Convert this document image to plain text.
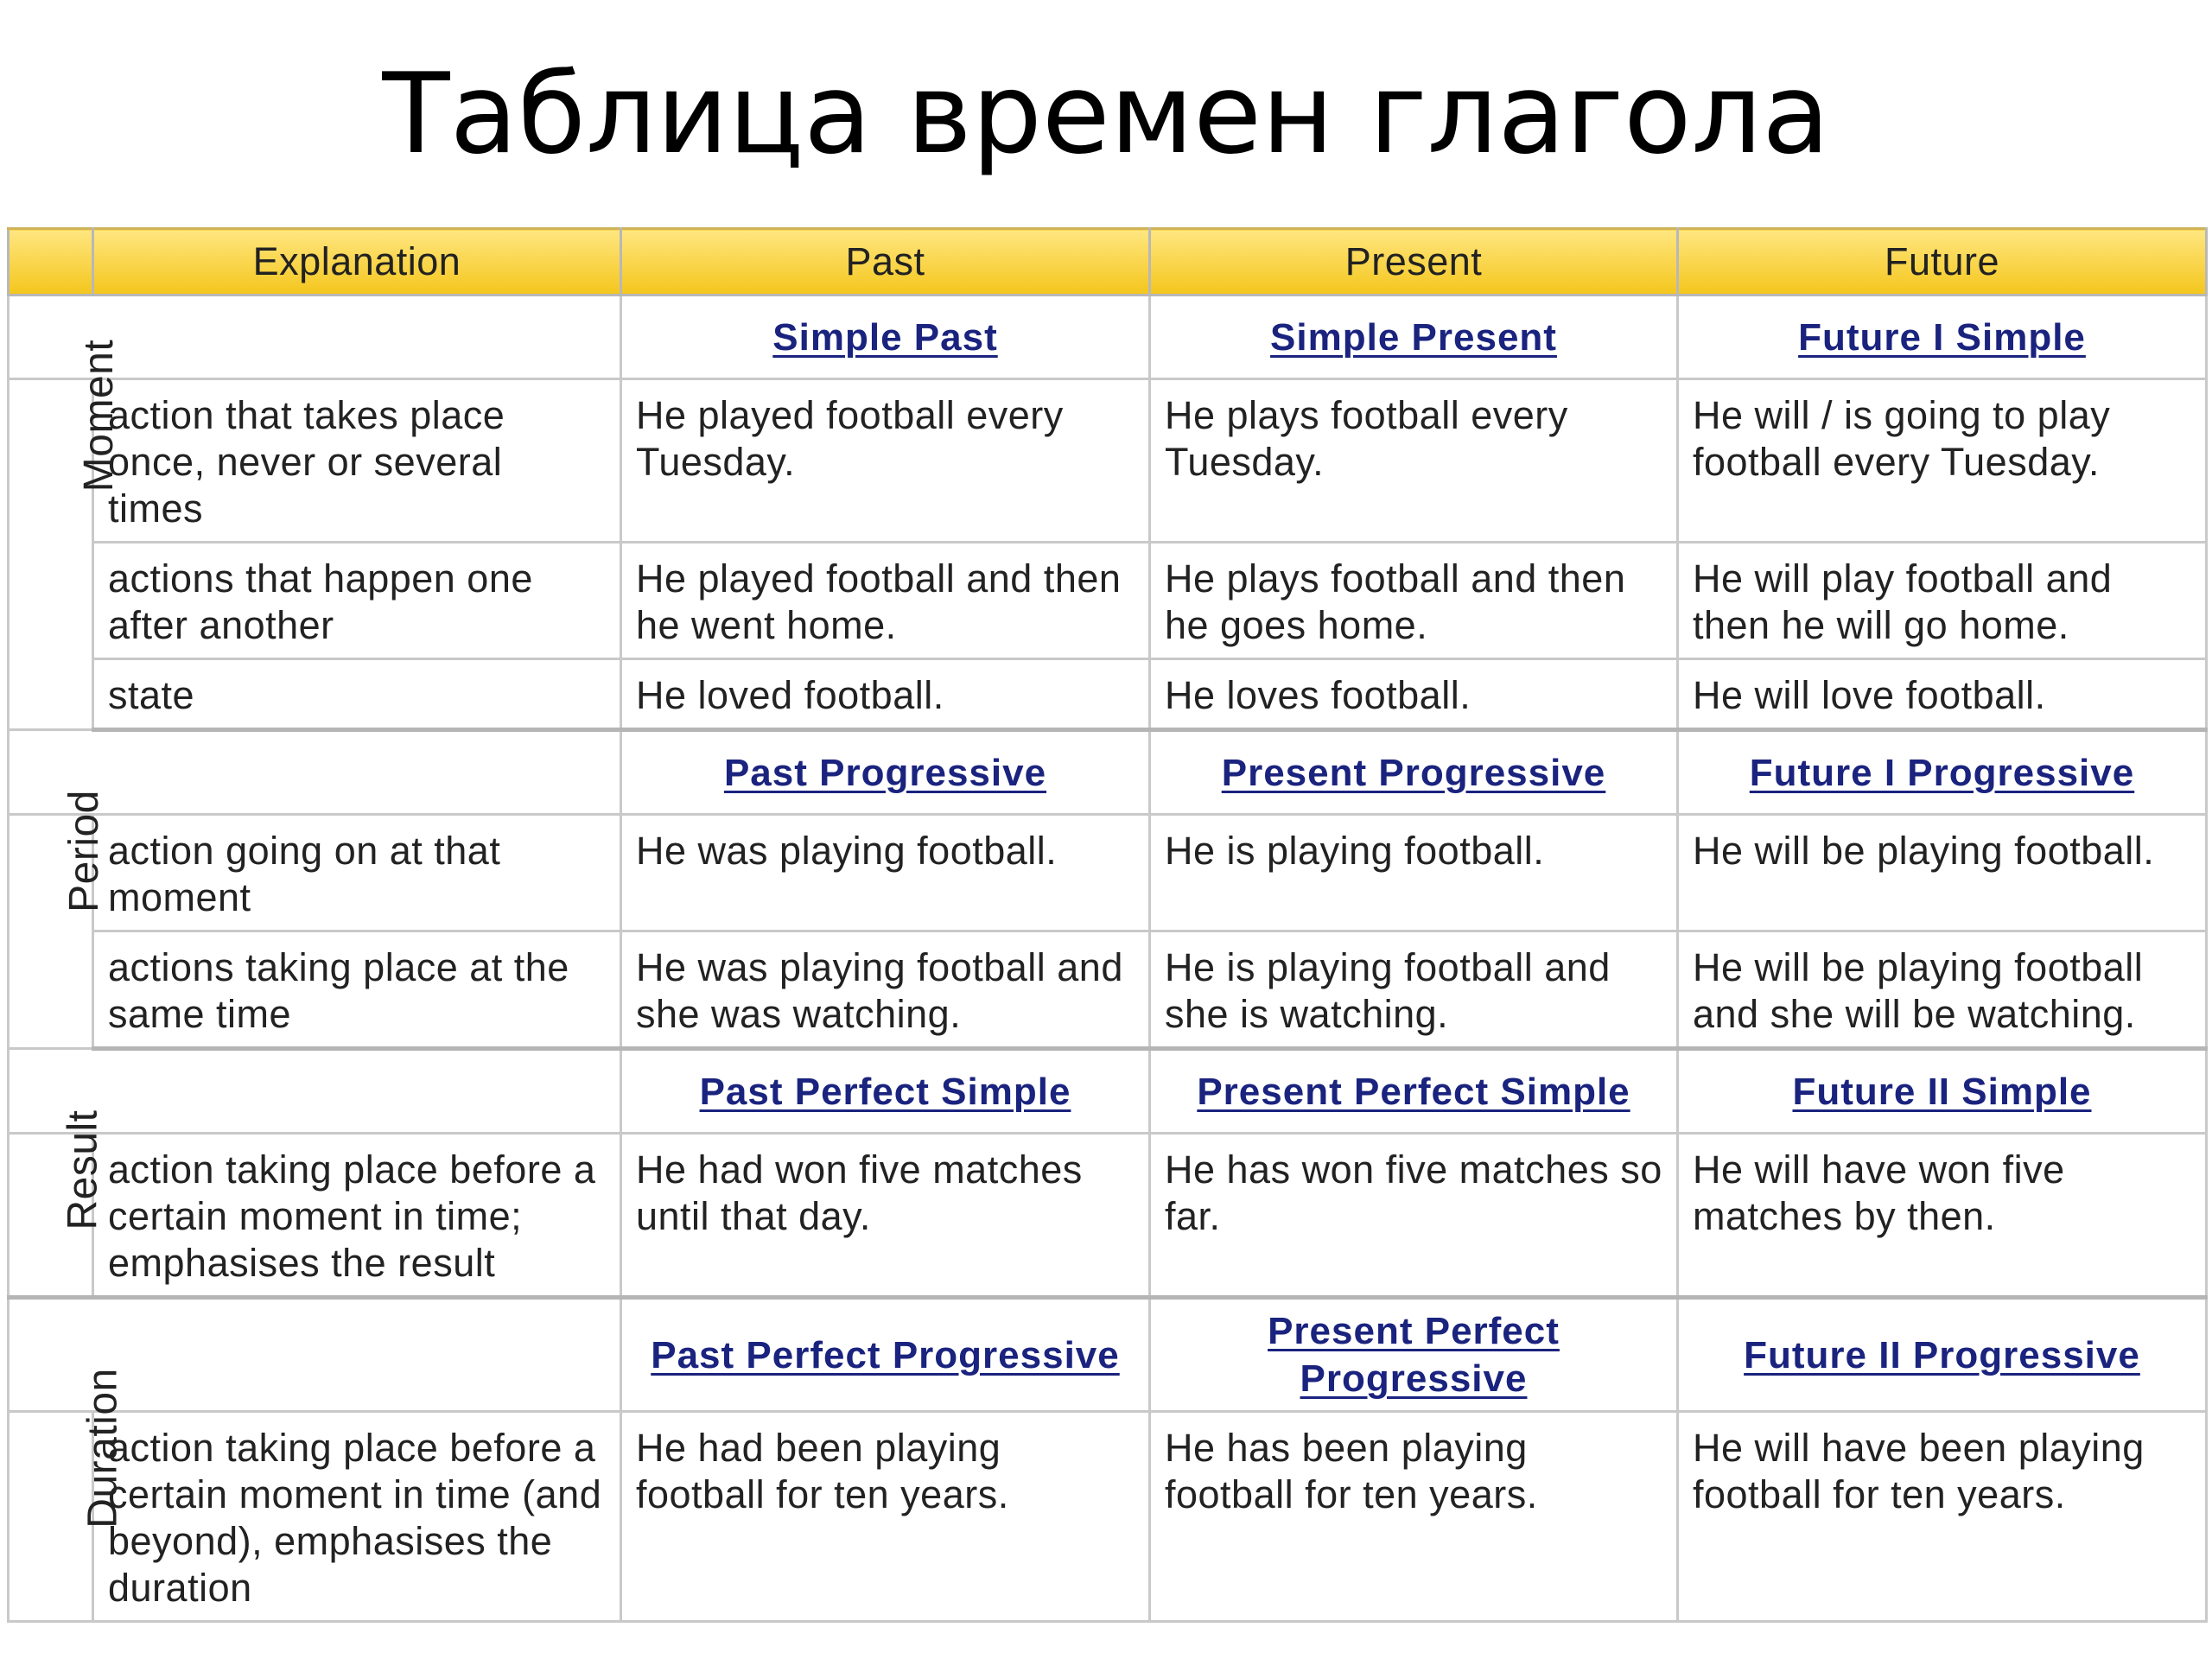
Таблица времен глагола
	Explanation	Past	Present	Future
		Simple Past	Simple Present	Future I Simple
Moment	action that takes place once, never or several times	He played football every Tuesday.	He plays football every Tuesday.	He will / is going to play football every Tuesday.
	actions that happen one after another	He played football and then he went home.	He plays football and then he goes home.	He will play football and then he will go home.
	state	He loved football.	He loves football.	He will love football.
		Past Progressive	Present Progressive	Future I Progressive
Period	action going on at that moment	He was playing football.	He is playing football.	He will be playing football.
	actions taking place at the same time	He was playing football and she was watching.	He is playing football and she is watching.	He will be playing football and she will be watching.
		Past Perfect Simple	Present Perfect Simple	Future II Simple
Result	action taking place before a certain moment in time; emphasises the result	He had won five matches until that day.	He has won five matches so far.	He will have won five matches by then.
		Past Perfect Progressive	Present Perfect Progressive	Future II Progressive
Duration	action taking place before a certain moment in time (and beyond), emphasises the duration	He had been playing football for ten years.	He has been playing football for ten years.	He will have been playing football for ten years.
